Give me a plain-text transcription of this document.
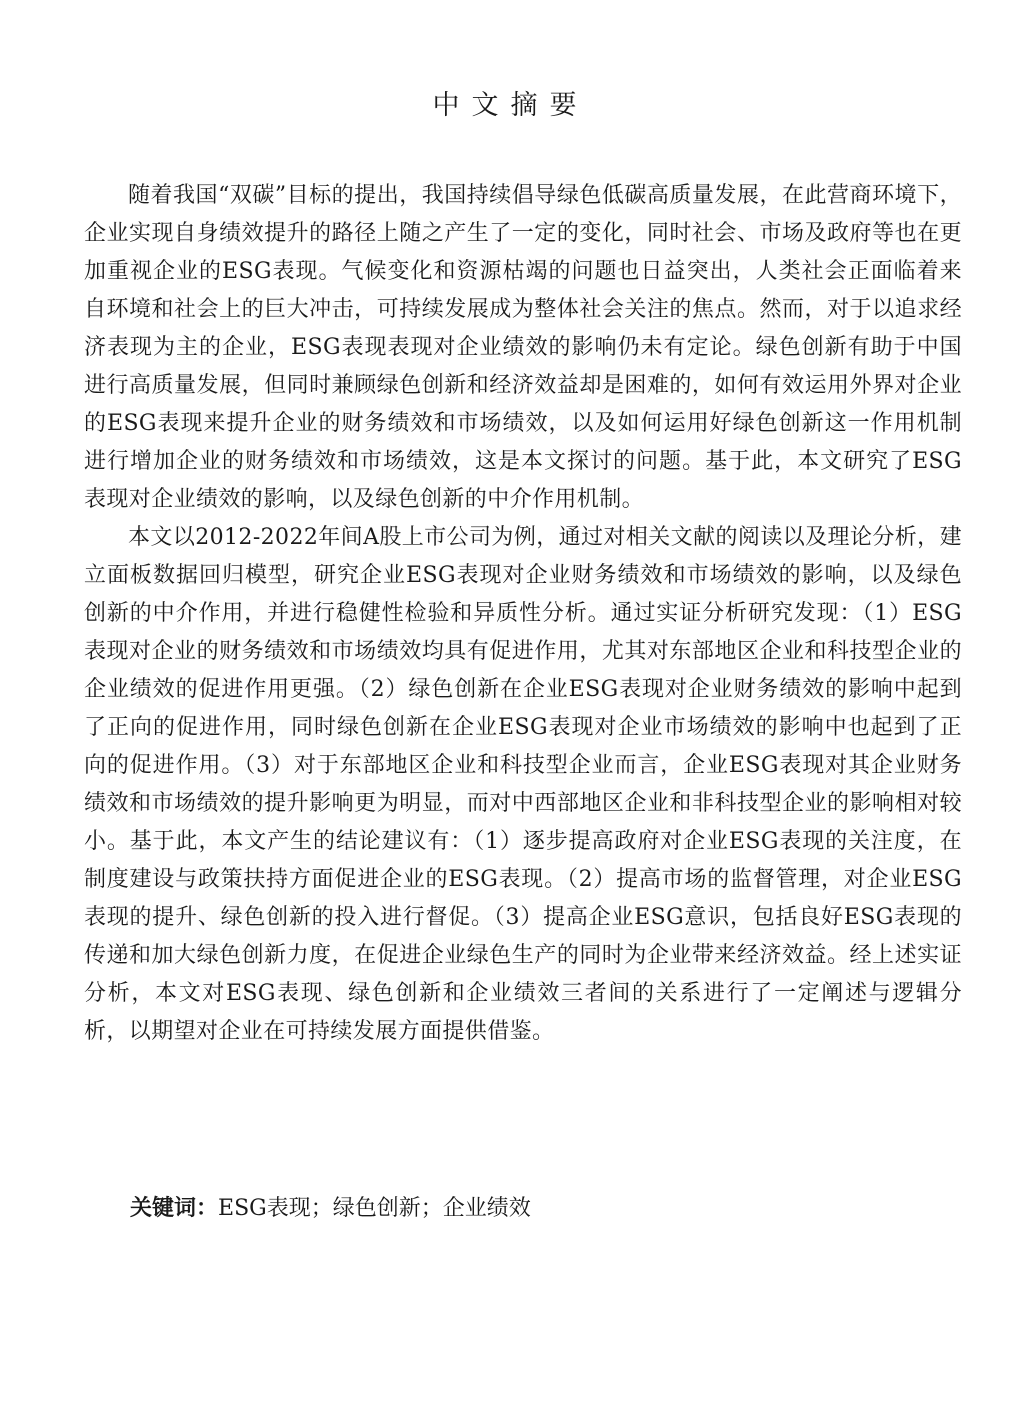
中文摘要

随着我国“双碳”目标的提出，我国持续倡导绿色低碳高质量发展，在此营商环境下，企业实现自身绩效提升的路径上随之产生了一定的变化，同时社会、市场及政府等也在更加重视企业的ESG表现。气候变化和资源枯竭的问题也日益突出，人类社会正面临着来自环境和社会上的巨大冲击，可持续发展成为整体社会关注的焦点。然而，对于以追求经济表现为主的企业，ESG表现表现对企业绩效的影响仍未有定论。绿色创新有助于中国进行高质量发展，但同时兼顾绿色创新和经济效益却是困难的，如何有效运用外界对企业的ESG表现来提升企业的财务绩效和市场绩效，以及如何运用好绿色创新这一作用机制进行增加企业的财务绩效和市场绩效，这是本文探讨的问题。基于此，本文研究了ESG表现对企业绩效的影响，以及绿色创新的中介作用机制。

本文以2012-2022年间A股上市公司为例，通过对相关文献的阅读以及理论分析，建立面板数据回归模型，研究企业ESG表现对企业财务绩效和市场绩效的影响，以及绿色创新的中介作用，并进行稳健性检验和异质性分析。通过实证分析研究发现：（1）ESG表现对企业的财务绩效和市场绩效均具有促进作用，尤其对东部地区企业和科技型企业的企业绩效的促进作用更强。（2）绿色创新在企业ESG表现对企业财务绩效的影响中起到了正向的促进作用，同时绿色创新在企业ESG表现对企业市场绩效的影响中也起到了正向的促进作用。（3）对于东部地区企业和科技型企业而言，企业ESG表现对其企业财务绩效和市场绩效的提升影响更为明显，而对中西部地区企业和非科技型企业的影响相对较小。基于此，本文产生的结论建议有：（1）逐步提高政府对企业ESG表现的关注度，在制度建设与政策扶持方面促进企业的ESG表现。（2）提高市场的监督管理，对企业ESG表现的提升、绿色创新的投入进行督促。（3）提高企业ESG意识，包括良好ESG表现的传递和加大绿色创新力度，在促进企业绿色生产的同时为企业带来经济效益。经上述实证分析，本文对ESG表现、绿色创新和企业绩效三者间的关系进行了一定阐述与逻辑分析，以期望对企业在可持续发展方面提供借鉴。

关键词：ESG表现；绿色创新；企业绩效
